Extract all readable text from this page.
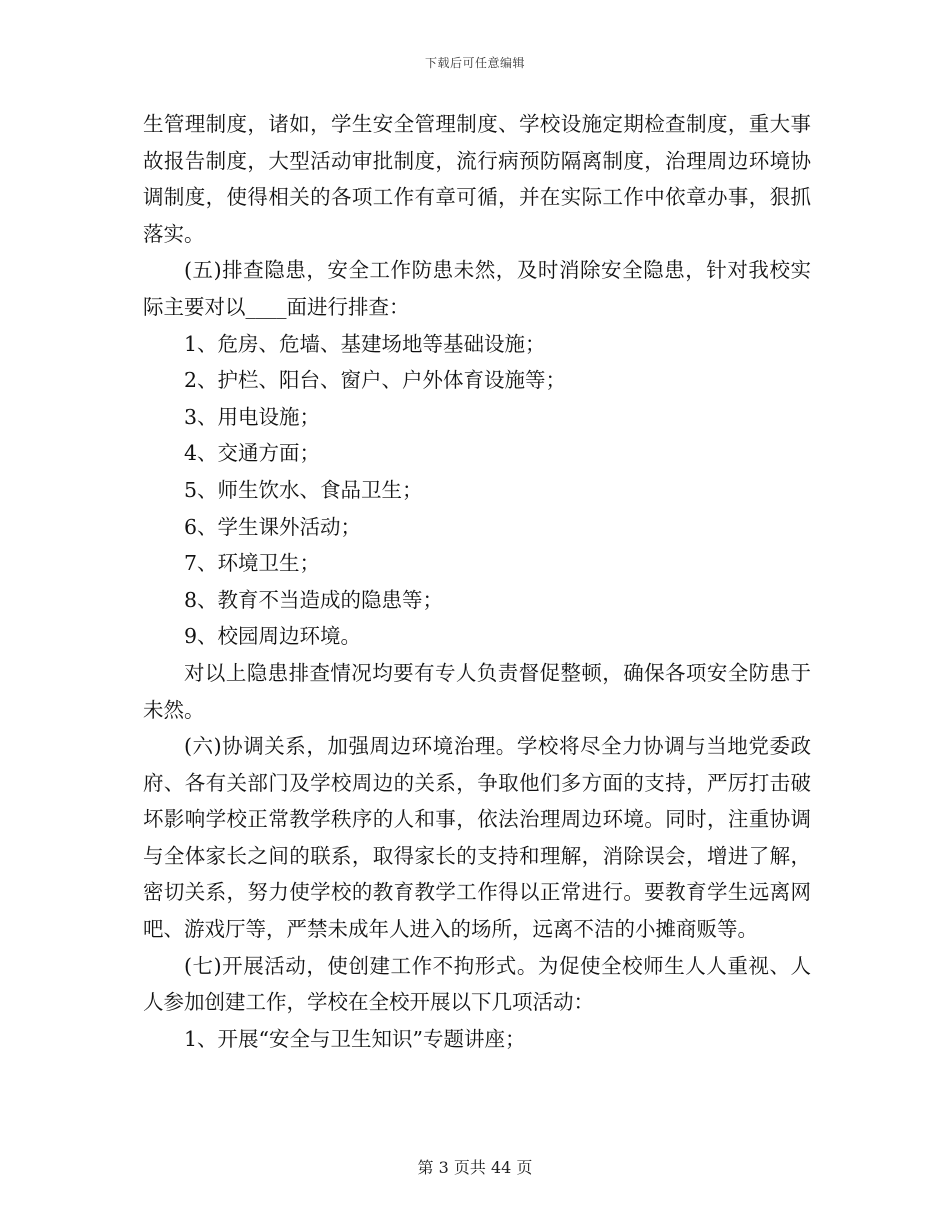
下载后可任意编辑

生管理制度，诸如，学生安全管理制度、学校设施定期检查制度，重大事故报告制度，大型活动审批制度，流行病预防隔离制度，治理周边环境协调制度，使得相关的各项工作有章可循，并在实际工作中依章办事，狠抓落实。

(五)排查隐患，安全工作防患未然，及时消除安全隐患，针对我校实际主要对以____面进行排查：

1、危房、危墙、基建场地等基础设施；

2、护栏、阳台、窗户、户外体育设施等；

3、用电设施；

4、交通方面；

5、师生饮水、食品卫生；

6、学生课外活动；

7、环境卫生；

8、教育不当造成的隐患等；

9、校园周边环境。

对以上隐患排查情况均要有专人负责督促整顿，确保各项安全防患于未然。

(六)协调关系，加强周边环境治理。学校将尽全力协调与当地党委政府、各有关部门及学校周边的关系，争取他们多方面的支持，严厉打击破坏影响学校正常教学秩序的人和事，依法治理周边环境。同时，注重协调与全体家长之间的联系，取得家长的支持和理解，消除误会，增进了解，密切关系，努力使学校的教育教学工作得以正常进行。要教育学生远离网吧、游戏厅等，严禁未成年人进入的场所，远离不洁的小摊商贩等。

(七)开展活动，使创建工作不拘形式。为促使全校师生人人重视、人人参加创建工作，学校在全校开展以下几项活动：

1、开展“安全与卫生知识”专题讲座；

第 3 页共 44 页
